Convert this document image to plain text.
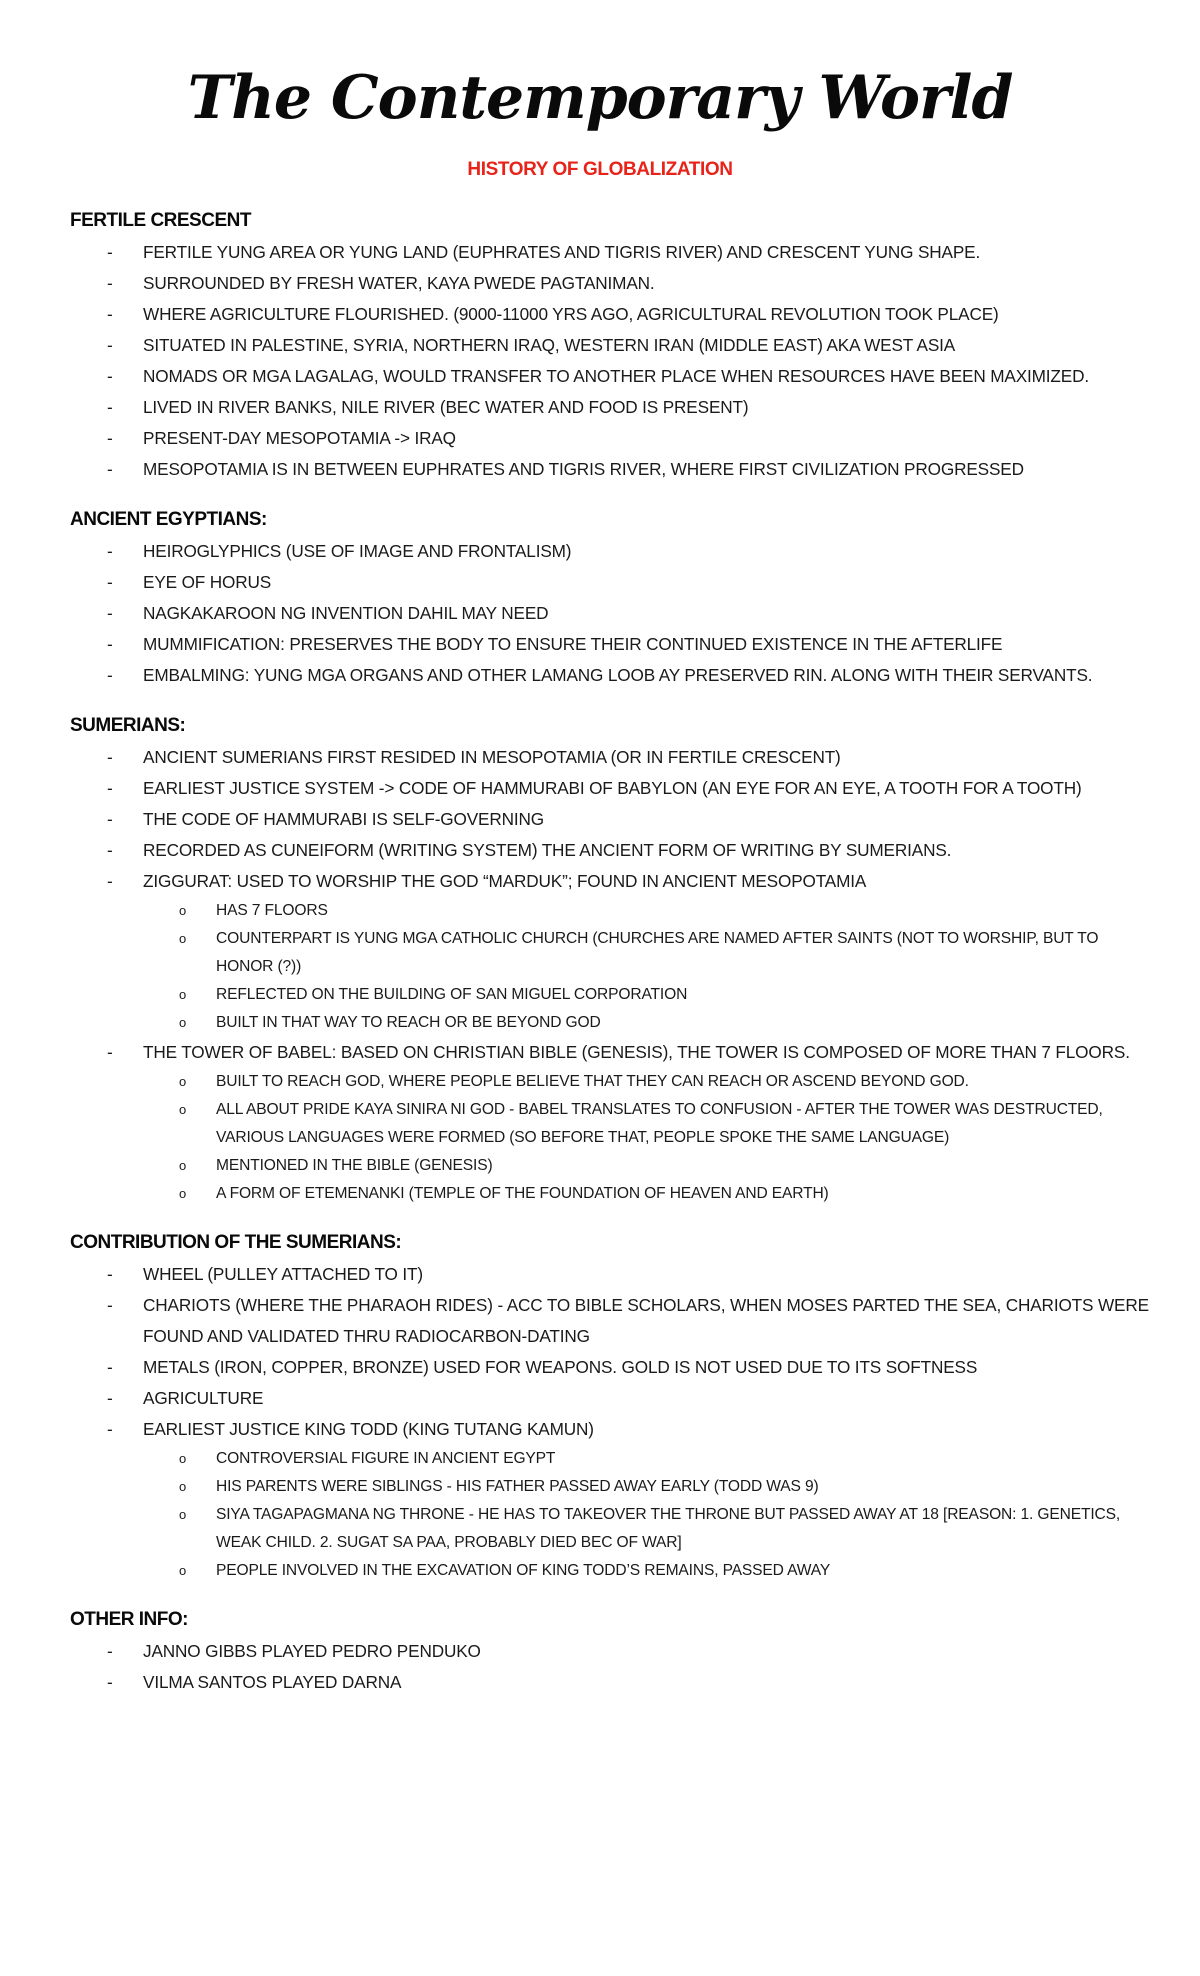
The Contemporary World
HISTORY OF GLOBALIZATION
FERTILE CRESCENT
- FERTILE YUNG AREA OR YUNG LAND (EUPHRATES AND TIGRIS RIVER) AND CRESCENT YUNG SHAPE.
- SURROUNDED BY FRESH WATER, KAYA PWEDE PAGTANIMAN.
- WHERE AGRICULTURE FLOURISHED. (9000-11000 YRS AGO, AGRICULTURAL REVOLUTION TOOK PLACE)
- SITUATED IN PALESTINE, SYRIA, NORTHERN IRAQ, WESTERN IRAN (MIDDLE EAST) AKA WEST ASIA
- NOMADS OR MGA LAGALAG, WOULD TRANSFER TO ANOTHER PLACE WHEN RESOURCES HAVE BEEN MAXIMIZED.
- LIVED IN RIVER BANKS, NILE RIVER (BEC WATER AND FOOD IS PRESENT)
- PRESENT-DAY MESOPOTAMIA -> IRAQ
- MESOPOTAMIA IS IN BETWEEN EUPHRATES AND TIGRIS RIVER, WHERE FIRST CIVILIZATION PROGRESSED
ANCIENT EGYPTIANS:
- HEIROGLYPHICS (USE OF IMAGE AND FRONTALISM)
- EYE OF HORUS
- NAGKAKAROON NG INVENTION DAHIL MAY NEED
- MUMMIFICATION: PRESERVES THE BODY TO ENSURE THEIR CONTINUED EXISTENCE IN THE AFTERLIFE
- EMBALMING: YUNG MGA ORGANS AND OTHER LAMANG LOOB AY PRESERVED RIN. ALONG WITH THEIR SERVANTS.
SUMERIANS:
- ANCIENT SUMERIANS FIRST RESIDED IN MESOPOTAMIA (OR IN FERTILE CRESCENT)
- EARLIEST JUSTICE SYSTEM -> CODE OF HAMMURABI OF BABYLON (AN EYE FOR AN EYE, A TOOTH FOR A TOOTH)
- THE CODE OF HAMMURABI IS SELF-GOVERNING
- RECORDED AS CUNEIFORM (WRITING SYSTEM) THE ANCIENT FORM OF WRITING BY SUMERIANS.
- ZIGGURAT: USED TO WORSHIP THE GOD “MARDUK”; FOUND IN ANCIENT MESOPOTAMIA
o HAS 7 FLOORS
o COUNTERPART IS YUNG MGA CATHOLIC CHURCH (CHURCHES ARE NAMED AFTER SAINTS (NOT TO WORSHIP, BUT TO HONOR (?))
o REFLECTED ON THE BUILDING OF SAN MIGUEL CORPORATION
o BUILT IN THAT WAY TO REACH OR BE BEYOND GOD
- THE TOWER OF BABEL: BASED ON CHRISTIAN BIBLE (GENESIS), THE TOWER IS COMPOSED OF MORE THAN 7 FLOORS.
o BUILT TO REACH GOD, WHERE PEOPLE BELIEVE THAT THEY CAN REACH OR ASCEND BEYOND GOD.
o ALL ABOUT PRIDE KAYA SINIRA NI GOD - BABEL TRANSLATES TO CONFUSION - AFTER THE TOWER WAS DESTRUCTED, VARIOUS LANGUAGES WERE FORMED (SO BEFORE THAT, PEOPLE SPOKE THE SAME LANGUAGE)
o MENTIONED IN THE BIBLE (GENESIS)
o A FORM OF ETEMENANKI (TEMPLE OF THE FOUNDATION OF HEAVEN AND EARTH)
CONTRIBUTION OF THE SUMERIANS:
- WHEEL (PULLEY ATTACHED TO IT)
- CHARIOTS (WHERE THE PHARAOH RIDES) - ACC TO BIBLE SCHOLARS, WHEN MOSES PARTED THE SEA, CHARIOTS WERE FOUND AND VALIDATED THRU RADIOCARBON-DATING
- METALS (IRON, COPPER, BRONZE) USED FOR WEAPONS. GOLD IS NOT USED DUE TO ITS SOFTNESS
- AGRICULTURE
- EARLIEST JUSTICE KING TODD (KING TUTANG KAMUN)
o CONTROVERSIAL FIGURE IN ANCIENT EGYPT
o HIS PARENTS WERE SIBLINGS - HIS FATHER PASSED AWAY EARLY (TODD WAS 9)
o SIYA TAGAPAGMANA NG THRONE - HE HAS TO TAKEOVER THE THRONE BUT PASSED AWAY AT 18 [REASON: 1. GENETICS, WEAK CHILD. 2. SUGAT SA PAA, PROBABLY DIED BEC OF WAR]
o PEOPLE INVOLVED IN THE EXCAVATION OF KING TODD’S REMAINS, PASSED AWAY
OTHER INFO:
- JANNO GIBBS PLAYED PEDRO PENDUKO
- VILMA SANTOS PLAYED DARNA
